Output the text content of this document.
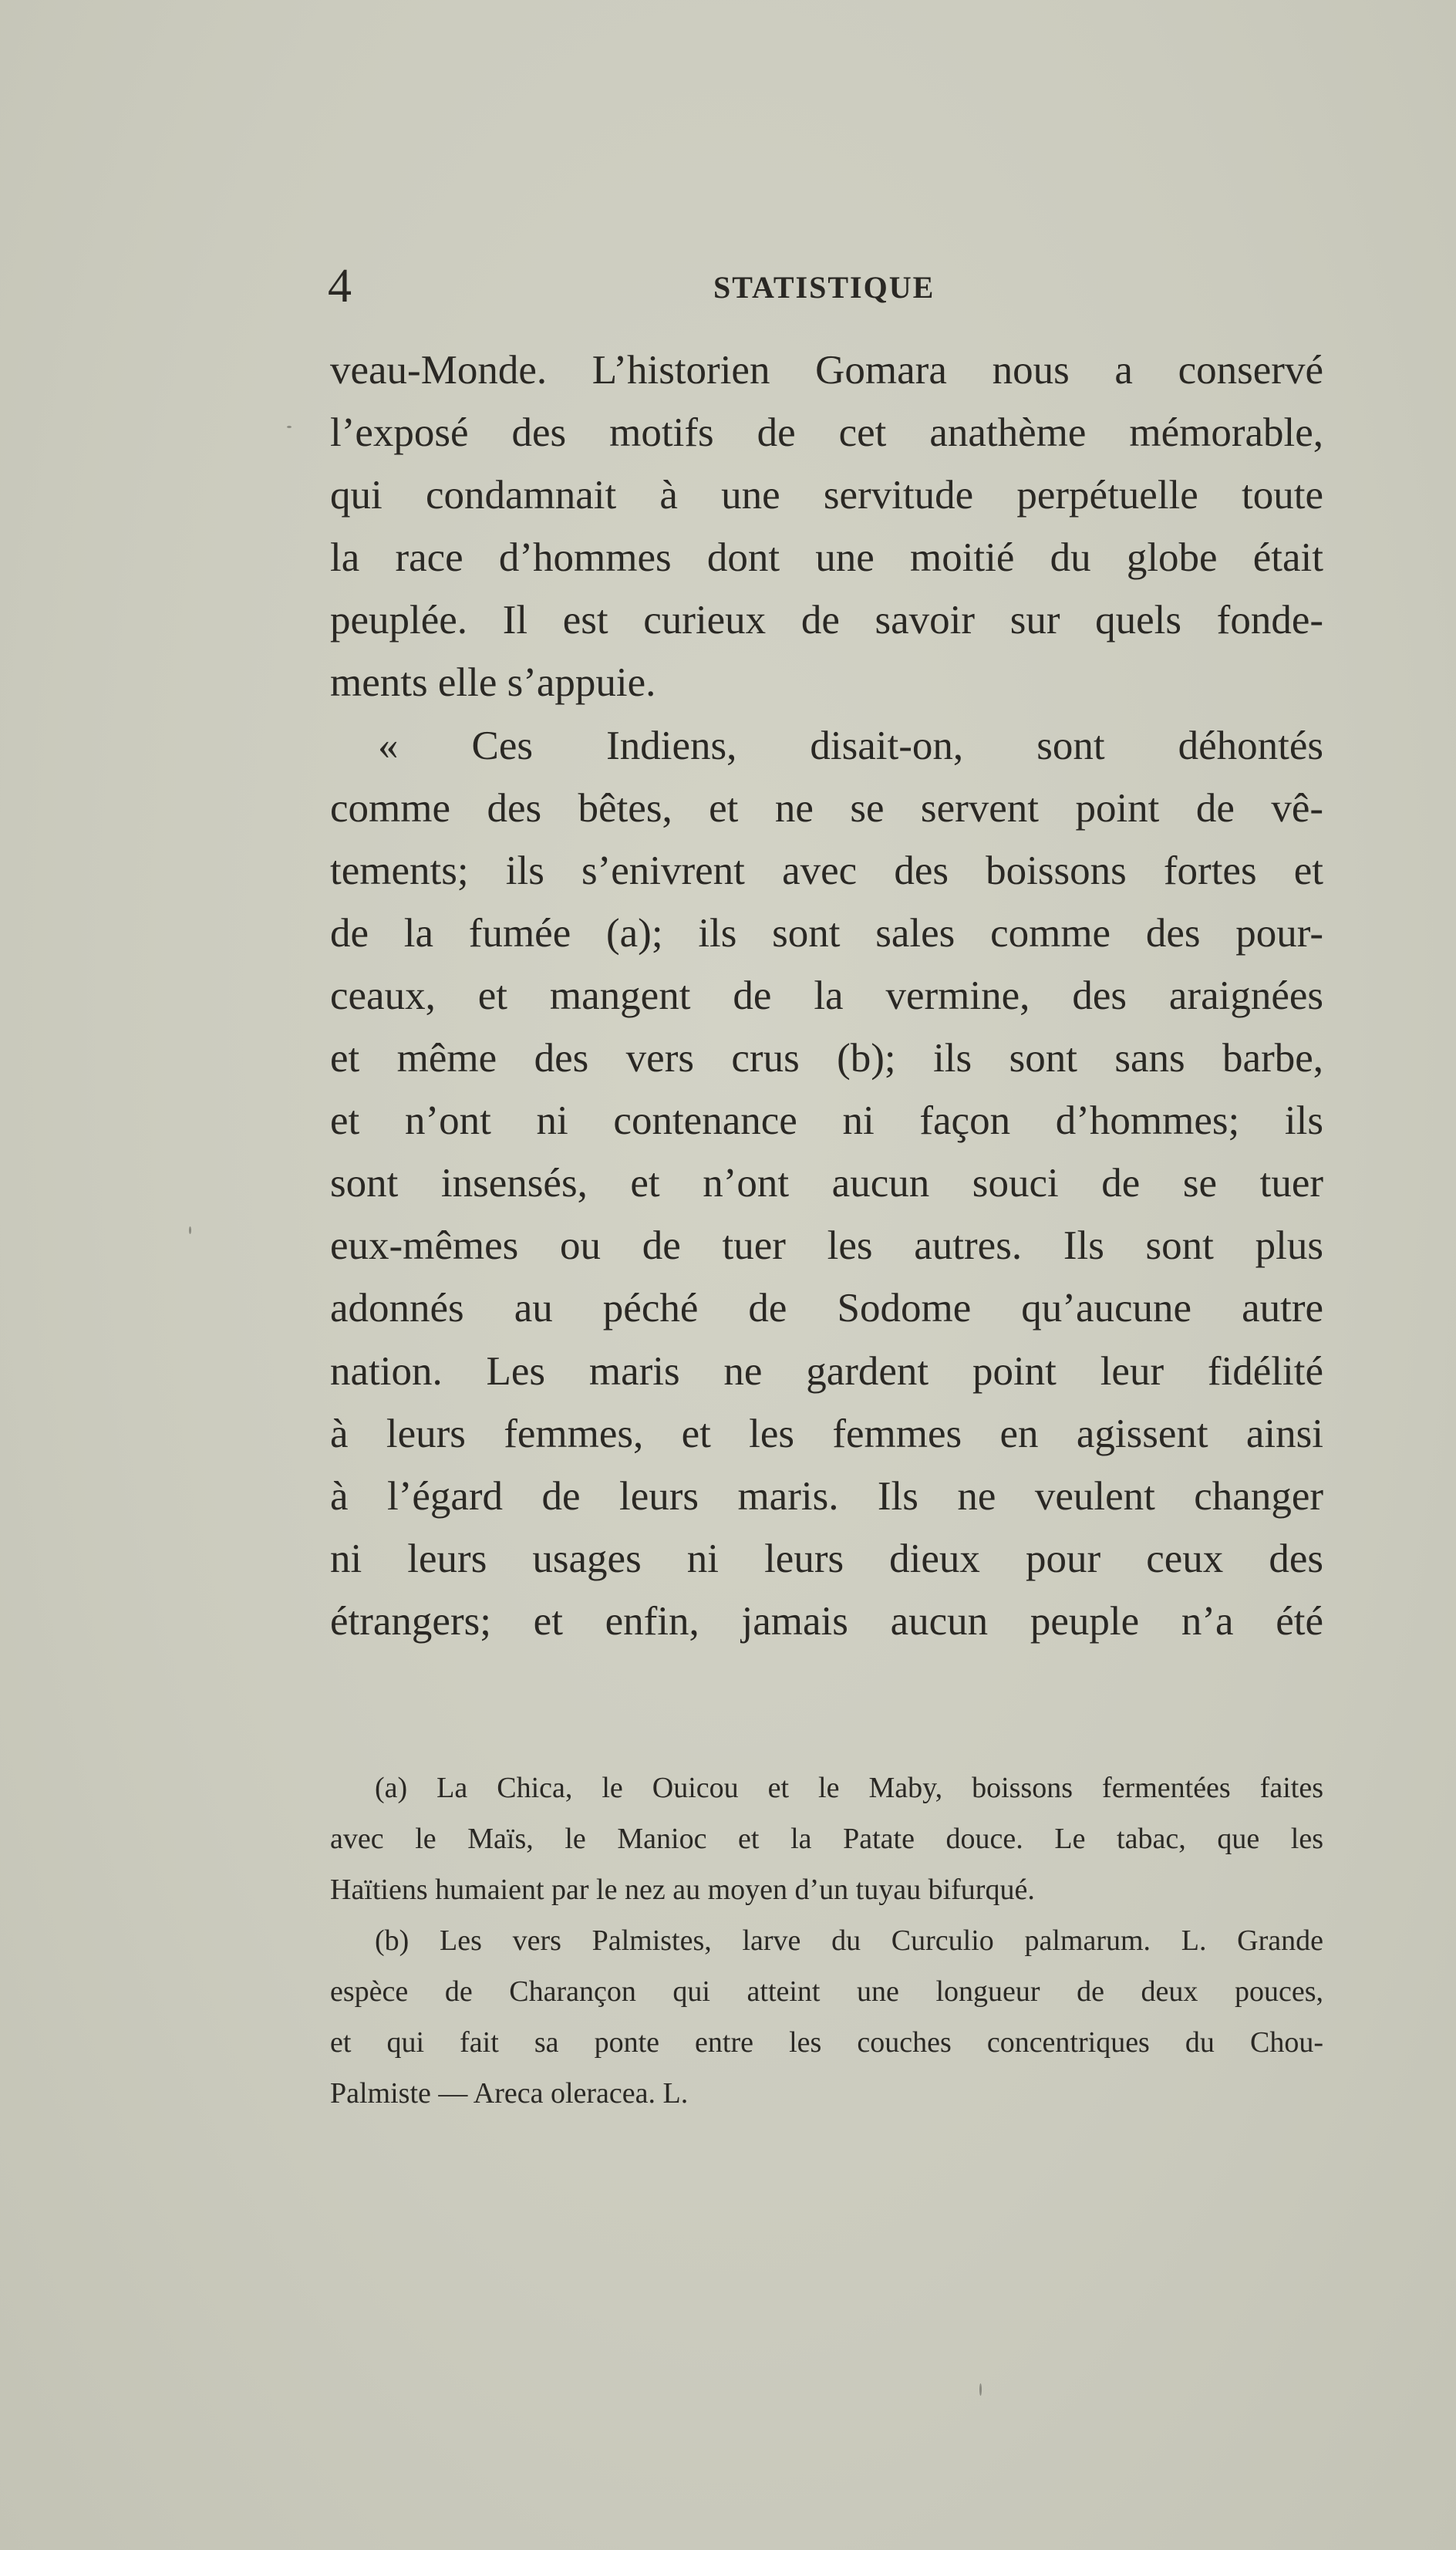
4	STATISTIQUE
veau-Monde. L’historien Gomara nous a conservé
l’exposé des motifs de cet anathème mémorable,
qui condamnait à une servitude perpétuelle toute
la race d’hommes dont une moitié du globe était
peuplée. Il est curieux de savoir sur quels fonde-
ments elle s’appuie.
« Ces Indiens, disait-on, sont déhontés
comme des bêtes, et ne se servent point de vê-
tements; ils s’enivrent avec des boissons fortes et
de la fumée (a); ils sont sales comme des pour-
ceaux, et mangent de la vermine, des araignées
et même des vers crus (b); ils sont sans barbe,
et n’ont ni contenance ni façon d’hommes; ils
sont insensés, et n’ont aucun souci de se tuer
eux-mêmes ou de tuer les autres. Ils sont plus
adonnés au péché de Sodome qu’aucune autre
nation. Les maris ne gardent point leur fidélité
à leurs femmes, et les femmes en agissent ainsi
à l’égard de leurs maris. Ils ne veulent changer
ni leurs usages ni leurs dieux pour ceux des
étrangers; et enfin, jamais aucun peuple n’a été
(a) La Chica, le Ouicou et le Maby, boissons fermentées faites
avec le Maïs, le Manioc et la Patate douce. Le tabac, que les
Haïtiens humaient par le nez au moyen d’un tuyau bifurqué.
(b) Les vers Palmistes, larve du Curculio palmarum. L. Grande
espèce de Charançon qui atteint une longueur de deux pouces,
et qui fait sa ponte entre les couches concentriques du Chou-
Palmiste — Areca oleracea. L.
